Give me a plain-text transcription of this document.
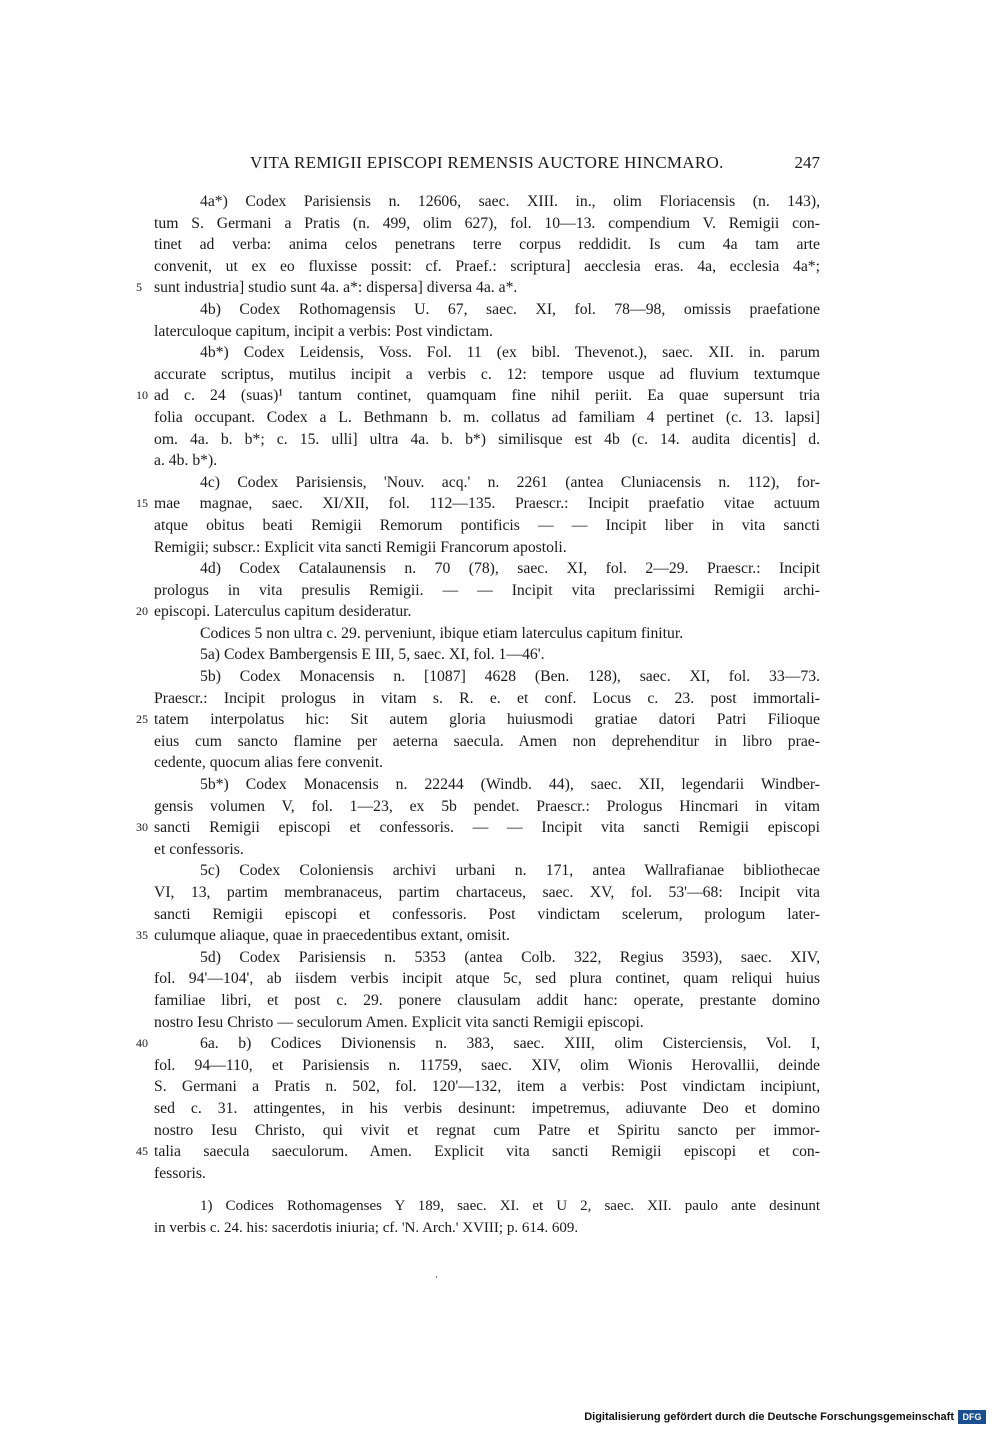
VITA REMIGII EPISCOPI REMENSIS AUCTORE HINCMARO.	247
4a*) Codex Parisiensis n. 12606, saec. XIII. in., olim Floriacensis (n. 143),
tum S. Germani a Pratis (n. 499, olim 627), fol. 10—13. compendium V. Remigii con-
tinet ad verba: anima celos penetrans terre corpus reddidit. Is cum 4a tam arte
convenit, ut ex eo fluxisse possit: cf. Praef.: scriptura] aecclesia eras. 4a, ecclesia 4a*;
5 sunt industria] studio sunt 4a. a*: dispersa] diversa 4a. a*.
4b) Codex Rothomagensis U. 67, saec. XI, fol. 78—98, omissis praefatione
laterculoque capitum, incipit a verbis: Post vindictam.
4b*) Codex Leidensis, Voss. Fol. 11 (ex bibl. Thevenot.), saec. XII. in. parum
accurate scriptus, mutilus incipit a verbis c. 12: tempore usque ad fluvium textumque
10 ad c. 24 (suas)¹ tantum continet, quamquam fine nihil periit. Ea quae supersunt tria
folia occupant. Codex a L. Bethmann b. m. collatus ad familiam 4 pertinet (c. 13. lapsi]
om. 4a. b. b*; c. 15. ulli] ultra 4a. b. b*) similisque est 4b (c. 14. audita dicentis] d.
a. 4b. b*).
4c) Codex Parisiensis, 'Nouv. acq.' n. 2261 (antea Cluniacensis n. 112), for-
15 mae magnae, saec. XI/XII, fol. 112—135. Praescr.: Incipit praefatio vitae actuum
atque obitus beati Remigii Remorum pontificis — — Incipit liber in vita sancti
Remigii; subscr.: Explicit vita sancti Remigii Francorum apostoli.
4d) Codex Catalaunensis n. 70 (78), saec. XI, fol. 2—29. Praescr.: Incipit
prologus in vita presulis Remigii. — — Incipit vita preclarissimi Remigii archi-
20 episcopi. Laterculus capitum desideratur.
Codices 5 non ultra c. 29. perveniunt, ibique etiam laterculus capitum finitur.
5a) Codex Bambergensis E III, 5, saec. XI, fol. 1—46'.
5b) Codex Monacensis n. [1087] 4628 (Ben. 128), saec. XI, fol. 33—73.
Praescr.: Incipit prologus in vitam s. R. e. et conf. Locus c. 23. post immortali-
25 tatem interpolatus hic: Sit autem gloria huiusmodi gratiae datori Patri Filioque
eius cum sancto flamine per aeterna saecula. Amen non deprehenditur in libro prae-
cedente, quocum alias fere convenit.
5b*) Codex Monacensis n. 22244 (Windb. 44), saec. XII, legendarii Windber-
gensis volumen V, fol. 1—23, ex 5b pendet. Praescr.: Prologus Hincmari in vitam
30 sancti Remigii episcopi et confessoris. — — Incipit vita sancti Remigii episcopi
et confessoris.
5c) Codex Coloniensis archivi urbani n. 171, antea Wallrafianae bibliothecae
VI, 13, partim membranaceus, partim chartaceus, saec. XV, fol. 53'—68: Incipit vita
sancti Remigii episcopi et confessoris. Post vindictam scelerum, prologum later-
35 culumque aliaque, quae in praecedentibus extant, omisit.
5d) Codex Parisiensis n. 5353 (antea Colb. 322, Regius 3593), saec. XIV,
fol. 94'—104', ab iisdem verbis incipit atque 5c, sed plura continet, quam reliqui huius
familiae libri, et post c. 29. ponere clausulam addit hanc: operate, prestante domino
nostro Iesu Christo — seculorum Amen. Explicit vita sancti Remigii episcopi.
40	6a. b) Codices Divionensis n. 383, saec. XIII, olim Cisterciensis, Vol. I,
fol. 94—110, et Parisiensis n. 11759, saec. XIV, olim Wionis Herovallii, deinde
S. Germani a Pratis n. 502, fol. 120'—132, item a verbis: Post vindictam incipiunt,
sed c. 31. attingentes, in his verbis desinunt: impetremus, adiuvante Deo et domino
nostro Iesu Christo, qui vivit et regnat cum Patre et Spiritu sancto per immor-
45 talia saecula saeculorum. Amen. Explicit vita sancti Remigii episcopi et con-
fessoris.
1) Codices Rothomagenses Y 189, saec. XI. et U 2, saec. XII. paulo ante desinunt
in verbis c. 24. his: sacerdotis iniuria; cf. 'N. Arch.' XVIII; p. 614. 609.
Digitalisierung gefördert durch die Deutsche Forschungsgemeinschaft DFG
